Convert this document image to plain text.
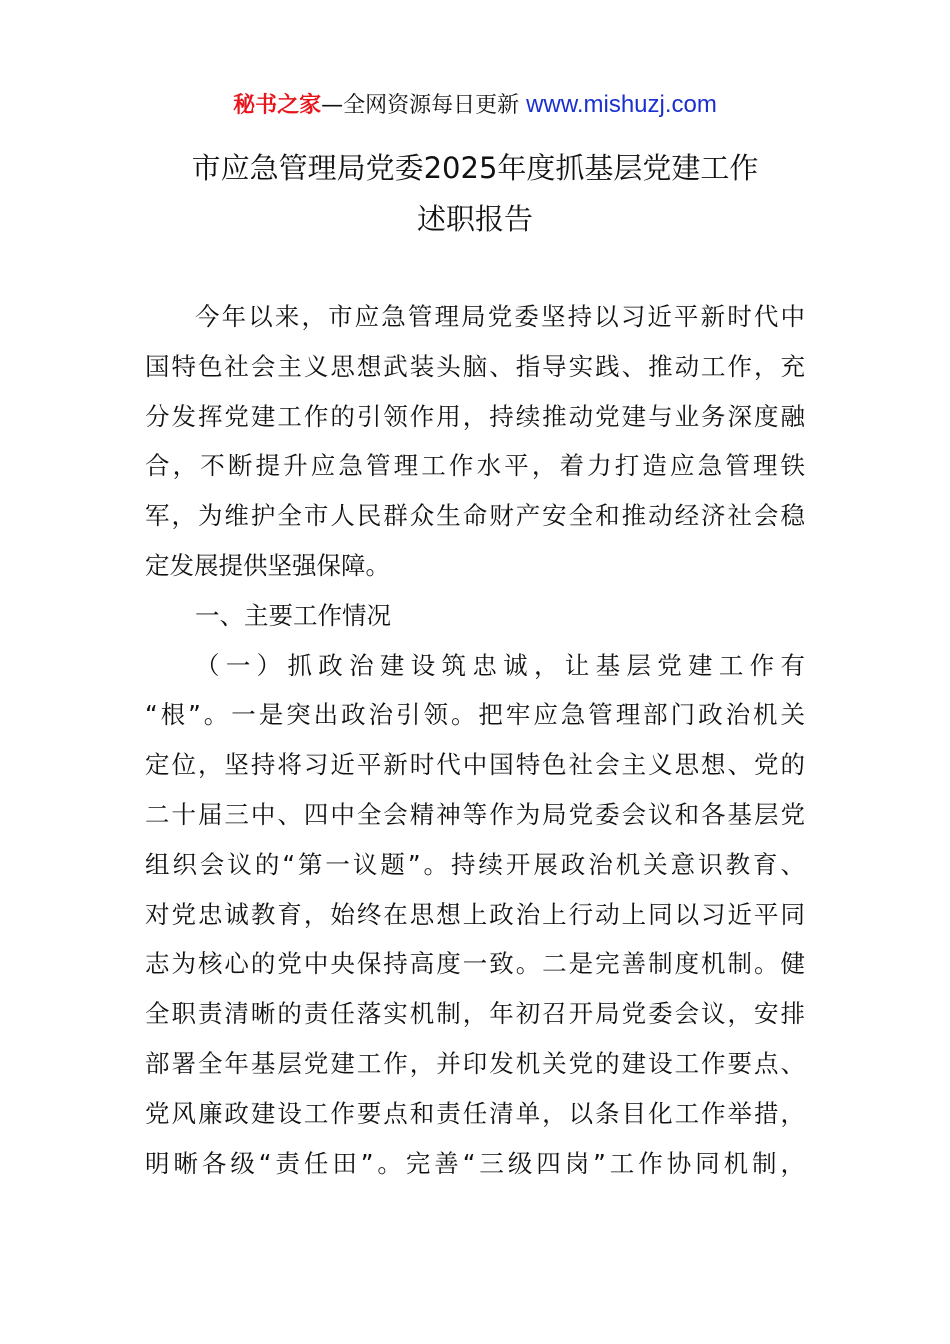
秘书之家—全网资源每日更新 www.mishuzj.com
市应急管理局党委2025年度抓基层党建工作
述职报告
今年以来，市应急管理局党委坚持以习近平新时代中
国特色社会主义思想武装头脑、指导实践、推动工作，充
分发挥党建工作的引领作用，持续推动党建与业务深度融
合，不断提升应急管理工作水平，着力打造应急管理铁
军，为维护全市人民群众生命财产安全和推动经济社会稳
定发展提供坚强保障。
一、主要工作情况
（一）抓政治建设筑忠诚，让基层党建工作有
“根”。一是突出政治引领。把牢应急管理部门政治机关
定位，坚持将习近平新时代中国特色社会主义思想、党的
二十届三中、四中全会精神等作为局党委会议和各基层党
组织会议的“第一议题”。持续开展政治机关意识教育、
对党忠诚教育，始终在思想上政治上行动上同以习近平同
志为核心的党中央保持高度一致。二是完善制度机制。健
全职责清晰的责任落实机制，年初召开局党委会议，安排
部署全年基层党建工作，并印发机关党的建设工作要点、
党风廉政建设工作要点和责任清单，以条目化工作举措，
明晰各级“责任田”。完善“三级四岗”工作协同机制，
